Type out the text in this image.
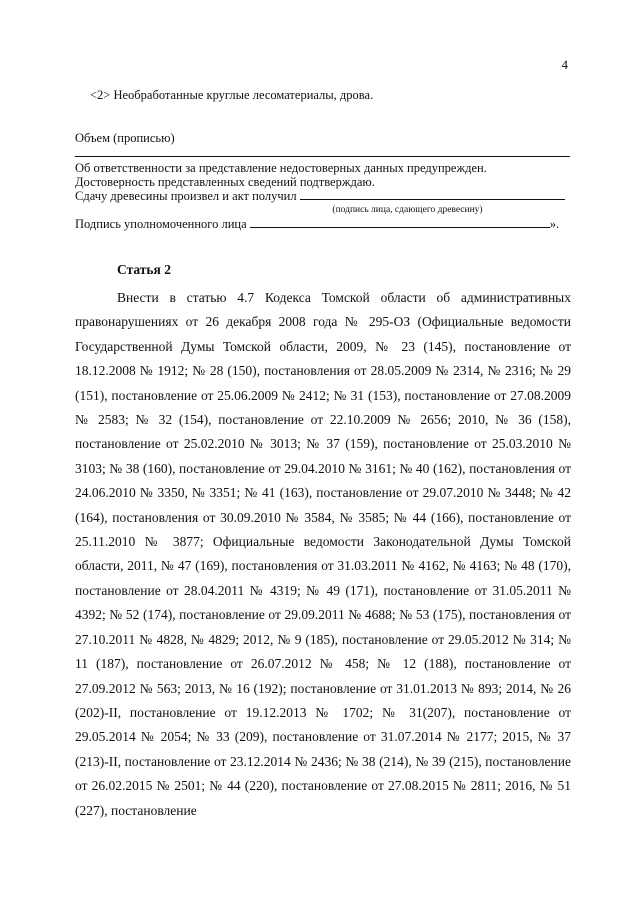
4
<2> Необработанные круглые лесоматериалы, дрова.
Объем (прописью)
Об ответственности за представление недостоверных данных предупрежден.
Достоверность представленных сведений подтверждаю.
Сдачу древесины произвел и акт получил
(подпись лица, сдающего древесину)
Подпись уполномоченного лица	».
Статья 2

Внести в статью 4.7 Кодекса Томской области об административных правонарушениях от 26 декабря 2008 года № 295-ОЗ (Официальные ведомости Государственной Думы Томской области, 2009, № 23 (145), постановление от 18.12.2008 № 1912; № 28 (150), постановления от 28.05.2009 № 2314, № 2316; № 29 (151), постановление от 25.06.2009 № 2412; № 31 (153), постановление от 27.08.2009 № 2583; № 32 (154), постановление от 22.10.2009 № 2656; 2010, № 36 (158), постановление от 25.02.2010 № 3013; № 37 (159), постановление от 25.03.2010 № 3103; № 38 (160), постановление от 29.04.2010 № 3161; № 40 (162), постановления от 24.06.2010 № 3350, № 3351; № 41 (163), постановление от 29.07.2010 № 3448; № 42 (164), постановления от 30.09.2010 № 3584, № 3585; № 44 (166), постановление от 25.11.2010 № 3877; Официальные ведомости Законодательной Думы Томской области, 2011, № 47 (169), постановления от 31.03.2011 № 4162, № 4163; № 48 (170), постановление от 28.04.2011 № 4319; № 49 (171), постановление от 31.05.2011 № 4392; № 52 (174), постановление от 29.09.2011 № 4688; № 53 (175), постановления от 27.10.2011 № 4828, № 4829; 2012, № 9 (185), постановление от 29.05.2012 № 314; № 11 (187), постановление от 26.07.2012 № 458; № 12 (188), постановление от 27.09.2012 № 563; 2013, № 16 (192); постановление от 31.01.2013 № 893; 2014, № 26 (202)-II, постановление от 19.12.2013 № 1702; № 31(207), постановление от 29.05.2014 № 2054; № 33 (209), постановление от 31.07.2014 № 2177; 2015, № 37 (213)-II, постановление от 23.12.2014 № 2436; № 38 (214), № 39 (215), постановление от 26.02.2015 № 2501; № 44 (220), постановление от 27.08.2015 № 2811; 2016, № 51 (227), постановление
